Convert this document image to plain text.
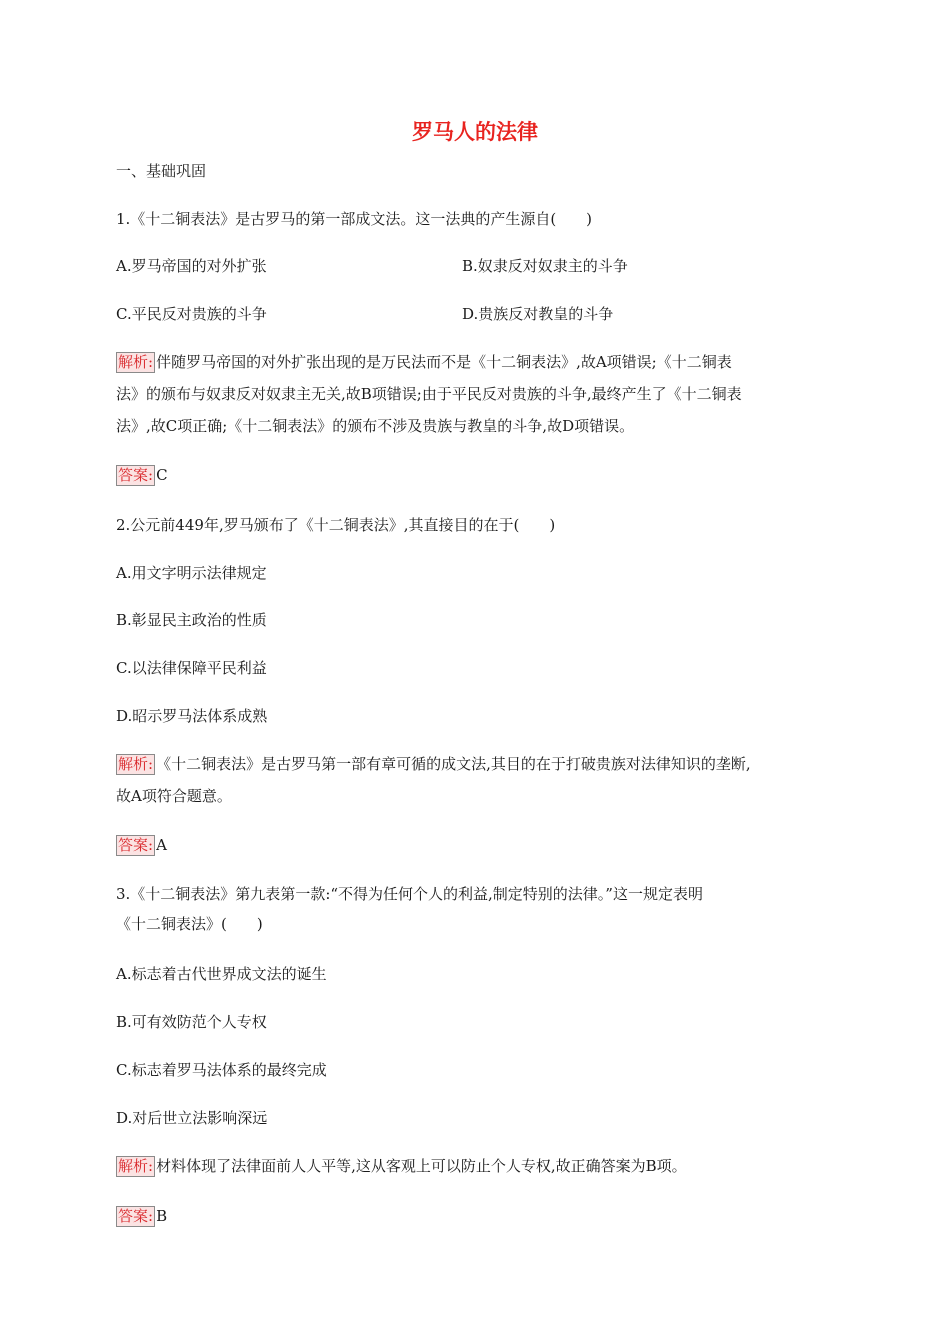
罗马人的法律

一、基础巩固

1.《十二铜表法》是古罗马的第一部成文法。这一法典的产生源自(　　)

A.罗马帝国的对外扩张	B.奴隶反对奴隶主的斗争

C.平民反对贵族的斗争	D.贵族反对教皇的斗争

解析: 伴随罗马帝国的对外扩张出现的是万民法而不是《十二铜表法》,故A项错误;《十二铜表

法》的颁布与奴隶反对奴隶主无关,故B项错误;由于平民反对贵族的斗争,最终产生了《十二铜表

法》,故C项正确;《十二铜表法》的颁布不涉及贵族与教皇的斗争,故D项错误。

答案: C

2.公元前449年,罗马颁布了《十二铜表法》,其直接目的在于(　　)

A.用文字明示法律规定

B.彰显民主政治的性质

C.以法律保障平民利益

D.昭示罗马法体系成熟

解析: 《十二铜表法》是古罗马第一部有章可循的成文法,其目的在于打破贵族对法律知识的垄断,

故A项符合题意。

答案: A

3.《十二铜表法》第九表第一款:“不得为任何个人的利益,制定特别的法律。”这一规定表明

《十二铜表法》(　　)

A.标志着古代世界成文法的诞生

B.可有效防范个人专权

C.标志着罗马法体系的最终完成

D.对后世立法影响深远

解析: 材料体现了法律面前人人平等,这从客观上可以防止个人专权,故正确答案为B项。

答案: B
